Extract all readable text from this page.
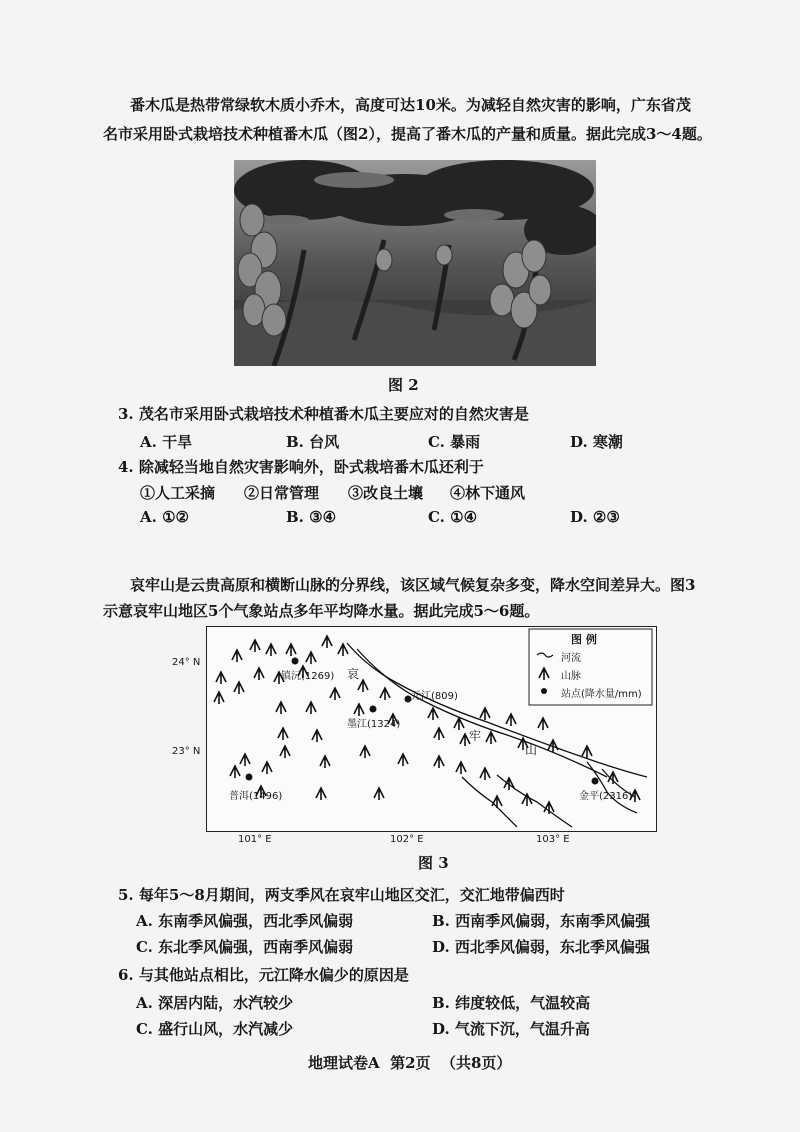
番木瓜是热带常绿软木质小乔木，高度可达10米。为减轻自然灾害的影响，广东省茂
名市采用卧式栽培技术种植番木瓜（图2），提高了番木瓜的产量和质量。据此完成3～4题。
图 2
3. 茂名市采用卧式栽培技术种植番木瓜主要应对的自然灾害是
A. 干旱	B. 台风	C. 暴雨	D. 寒潮
4. 除减轻当地自然灾害影响外，卧式栽培番木瓜还利于
①人工采摘 ②日常管理 ③改良土壤 ④林下通风
A. ①②	B. ③④	C. ①④	D. ②③
哀牢山是云贵高原和横断山脉的分界线，该区域气候复杂多变，降水空间差异大。图3
示意哀牢山地区5个气象站点多年平均降水量。据此完成5～6题。
24° N
23° N
镇沅(1269)
元江(809)
墨江(1324)
普洱(1496)	金平(2316)
哀
牢
山
图 例
河流
山脉
站点(降水量/mm)
101° E	102° E	103° E
图 3
5. 每年5～8月期间，两支季风在哀牢山地区交汇，交汇地带偏西时
A. 东南季风偏强，西北季风偏弱	B. 西南季风偏弱，东南季风偏强
C. 东北季风偏强，西南季风偏弱	D. 西北季风偏弱，东北季风偏强
6. 与其他站点相比，元江降水偏少的原因是
A. 深居内陆，水汽较少	B. 纬度较低，气温较高
C. 盛行山风，水汽减少	D. 气流下沉，气温升高
地理试卷A  第2页  （共8页）
